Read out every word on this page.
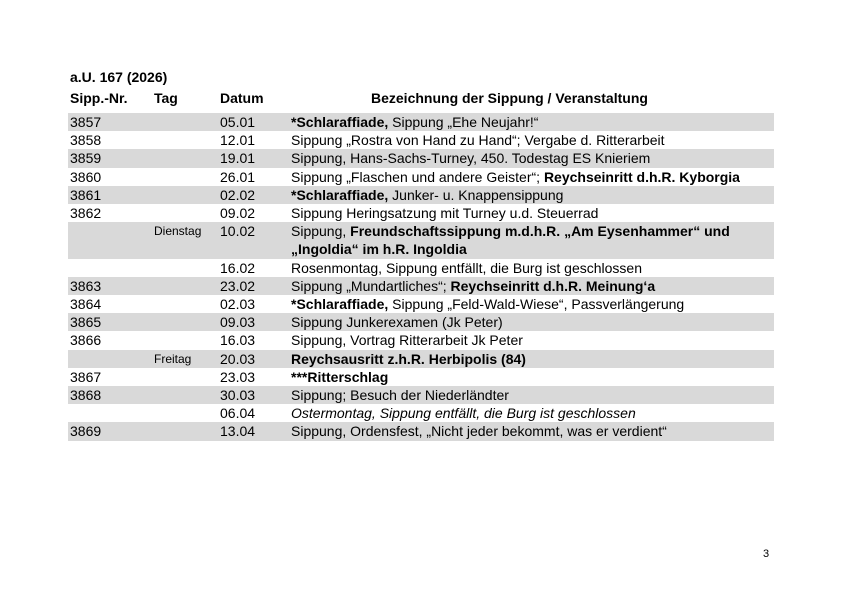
a.U. 167 (2026)
Sipp.-Nr. Tag	Datum	Bezeichnung der Sippung / Veranstaltung
3857	05.01	*Schlaraffiade, Sippung „Ehe Neujahr!“
3858	12.01	Sippung „Rostra von Hand zu Hand“; Vergabe d. Ritterarbeit
3859	19.01	Sippung, Hans-Sachs-Turney, 450. Todestag ES Knieriem
3860	26.01	Sippung „Flaschen und andere Geister“; Reychseinritt d.h.R. Kyborgia
3861	02.02	*Schlaraffiade, Junker- u. Knappensippung
3862	09.02	Sippung Heringsatzung mit Turney u.d. Steuerrad
Dienstag 10.02	Sippung, Freundschaftssippung m.d.h.R. „Am Eysenhammer“ und „Ingoldia“ im h.R. Ingoldia
16.02	Rosenmontag, Sippung entfällt, die Burg ist geschlossen
3863	23.02	Sippung „Mundartliches“; Reychseinritt d.h.R. Meinung‘a
3864	02.03	*Schlaraffiade, Sippung „Feld-Wald-Wiese“, Passverlängerung
3865	09.03	Sippung Junkerexamen (Jk Peter)
3866	16.03	Sippung, Vortrag Ritterarbeit Jk Peter
Freitag 20.03	Reychsausritt z.h.R. Herbipolis (84)
3867	23.03	***Ritterschlag
3868	30.03	Sippung; Besuch der Niederländter
06.04	Ostermontag, Sippung entfällt, die Burg ist geschlossen
3869	13.04	Sippung, Ordensfest, „Nicht jeder bekommt, was er verdient“
3
